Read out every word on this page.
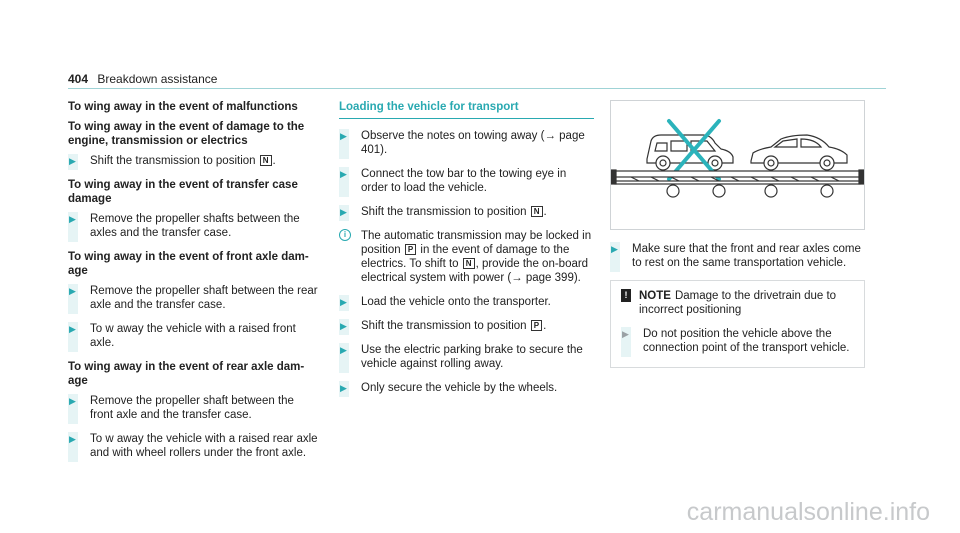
404 Breakdown assistance
To wing away in the event of malfunctions
To wing away in the event of damage to the engine, transmission or electrics
▶ Shift the transmission to position N .
To wing away in the event of transfer case damage
▶ Remove the propeller shafts between the axles and the transfer case.
To wing away in the event of front axle damage
▶ Remove the propeller shaft between the rear axle and the transfer case.
▶ To w away the vehicle with a raised front axle.
To wing away in the event of rear axle damage
▶ Remove the propeller shaft between the front axle and the transfer case.
▶ To w away the vehicle with a raised rear axle and with wheel rollers under the front axle.
Loading the vehicle for transport
▶ Observe the notes on towing away (→ page 401).
▶ Connect the tow bar to the towing eye in order to load the vehicle.
▶ Shift the transmission to position N .
i	The automatic transmission may be locked in position P in the event of damage to the electrics. To shift to N , provide the on-board electrical system with power (→ page 399).
▶ Load the vehicle onto the transporter.
▶ Shift the transmission to position P .
▶ Use the electric parking brake to secure the vehicle against rolling away.
▶ Only secure the vehicle by the wheels.
▶ Make sure that the front and rear axles come to rest on the same transportation vehicle.
!	NOTE Damage to the drivetrain due to incorrect positioning
▶ Do not position the vehicle above the connection point of the transport vehicle.
carmanualsonline.info
